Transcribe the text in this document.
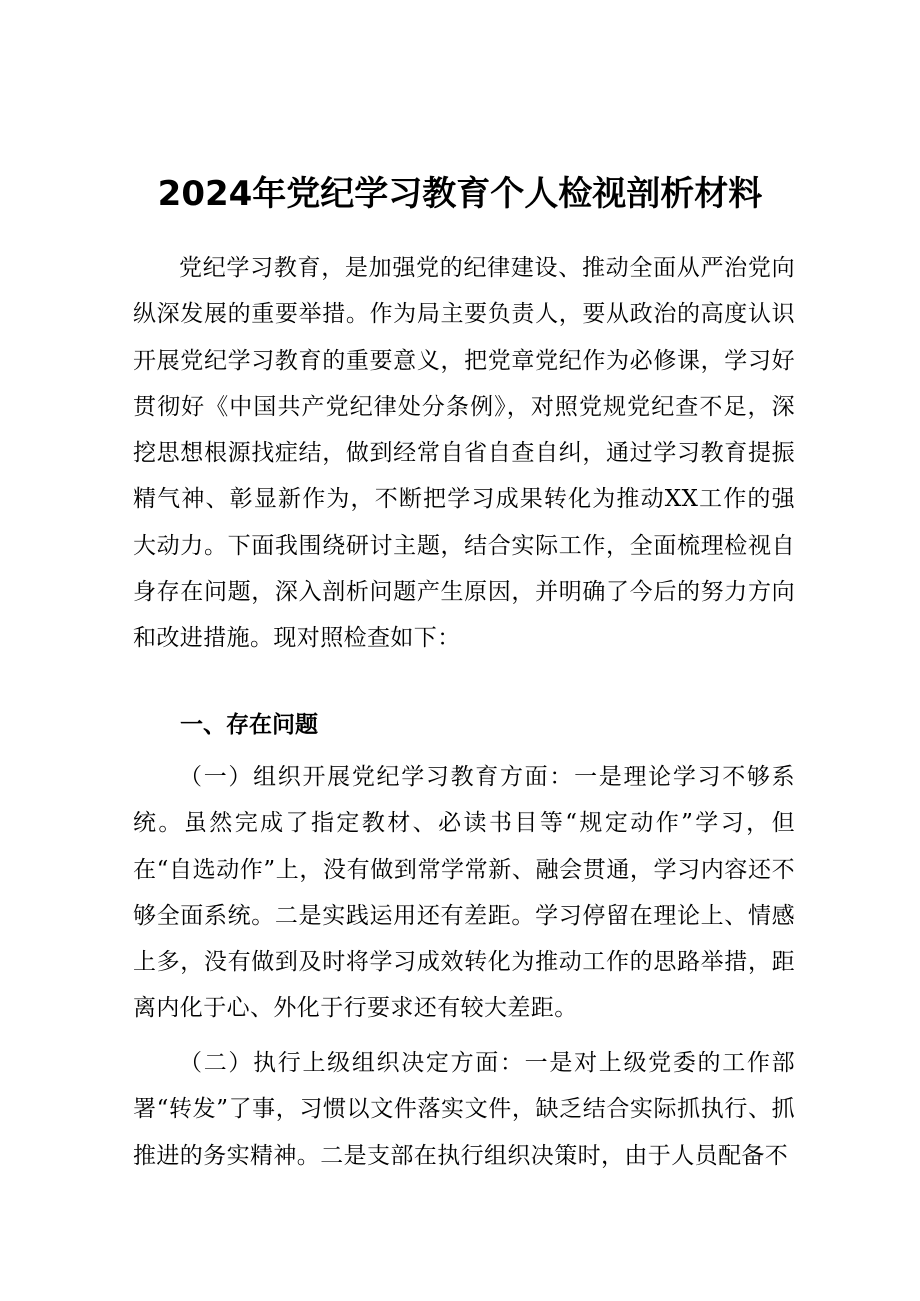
2024年党纪学习教育个人检视剖析材料
党纪学习教育，是加强党的纪律建设、推动全面从严治党向纵深发展的重要举措。作为局主要负责人，要从政治的高度认识开展党纪学习教育的重要意义，把党章党纪作为必修课，学习好贯彻好《中国共产党纪律处分条例》，对照党规党纪查不足，深挖思想根源找症结，做到经常自省自查自纠，通过学习教育提振精气神、彰显新作为，不断把学习成果转化为推动XX工作的强大动力。下面我围绕研讨主题，结合实际工作，全面梳理检视自身存在问题，深入剖析问题产生原因，并明确了今后的努力方向和改进措施。现对照检查如下：
一、存在问题
（一）组织开展党纪学习教育方面：一是理论学习不够系统。虽然完成了指定教材、必读书目等“规定动作”学习，但在“自选动作”上，没有做到常学常新、融会贯通，学习内容还不够全面系统。二是实践运用还有差距。学习停留在理论上、情感上多，没有做到及时将学习成效转化为推动工作的思路举措，距离内化于心、外化于行要求还有较大差距。
（二）执行上级组织决定方面：一是对上级党委的工作部署“转发”了事，习惯以文件落实文件，缺乏结合实际抓执行、抓推进的务实精神。二是支部在执行组织决策时，由于人员配备不
